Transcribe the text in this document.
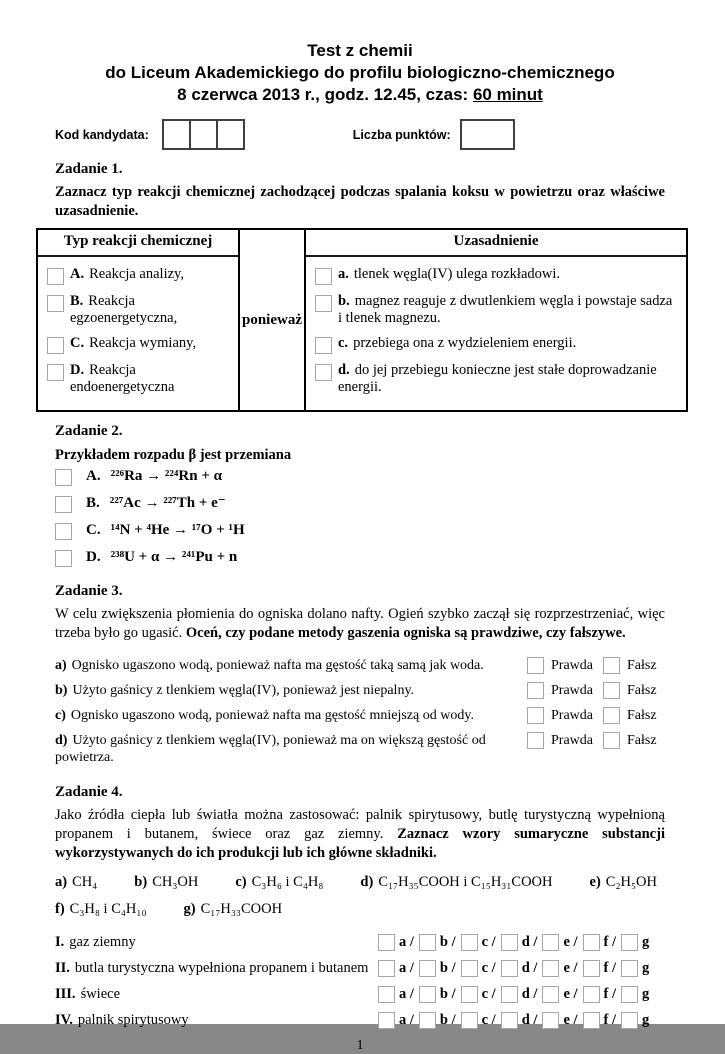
Test z chemii
do Liceum Akademickiego do profilu biologiczno-chemicznego
8 czerwca 2013 r., godz. 12.45, czas: 60 minut
Kod kandydata:	Liczba punktów:
Zadanie 1.
Zaznacz typ reakcji chemicznej zachodzącej podczas spalania koksu w powietrzu oraz właściwe uzasadnienie.
Typ reakcji chemicznej
A. Reakcja analizy,
B. Reakcja egzoenergetyczna,
C. Reakcja wymiany,
D. Reakcja endoenergetyczna
ponieważ
Uzasadnienie
a. tlenek węgla(IV) ulega rozkładowi.
b. magnez reaguje z dwutlenkiem węgla i powstaje sadza i tlenek magnezu.
c. przebiega ona z wydzieleniem energii.
d. do jej przebiegu konieczne jest stałe doprowadzanie energii.
Zadanie 2.
Przykładem rozpadu β jest przemiana
A. ²²⁶Ra → ²²⁴Rn + α
B. ²²⁷Ac → ²²⁷Th + e⁻
C. ¹⁴N + ⁴He → ¹⁷O + ¹H
D. ²³⁸U + α → ²⁴¹Pu + n
Zadanie 3.
W celu zwiększenia płomienia do ogniska dolano nafty. Ogień szybko zaczął się rozprzestrzeniać, więc trzeba było go ugasić. Oceń, czy podane metody gaszenia ogniska są prawdziwe, czy fałszywe.
a) Ognisko ugaszono wodą, ponieważ nafta ma gęstość taką samą jak woda.	Prawda Fałsz
b) Użyto gaśnicy z tlenkiem węgla(IV), ponieważ jest niepalny.	Prawda Fałsz
c) Ognisko ugaszono wodą, ponieważ nafta ma gęstość mniejszą od wody.	Prawda Fałsz
d) Użyto gaśnicy z tlenkiem węgla(IV), ponieważ ma on większą gęstość od powietrza.
Prawda Fałsz
Zadanie 4.
Jako źródła ciepła lub światła można zastosować: palnik spirytusowy, butlę turystyczną wypełnioną propanem i butanem, świece oraz gaz ziemny. Zaznacz wzory sumaryczne substancji wykorzystywanych do ich produkcji lub ich główne składniki.
a) CH₄	b) CH₃OH	c) C₃H₆ i C₄H₈	d) C₁₇H₃₅COOH i C₁₅H₃₁COOH	e) C₂H₅OH
f) C₃H₈ i C₄H₁₀	g) C₁₇H₃₃COOH
I. gaz ziemny	a / b / c / d / e / f / g
II. butla turystyczna wypełniona propanem i butanem	a / b / c / d / e / f / g
III. świece	a / b / c / d / e / f / g
IV. palnik spirytusowy	a / b / c / d / e / f / g
1
